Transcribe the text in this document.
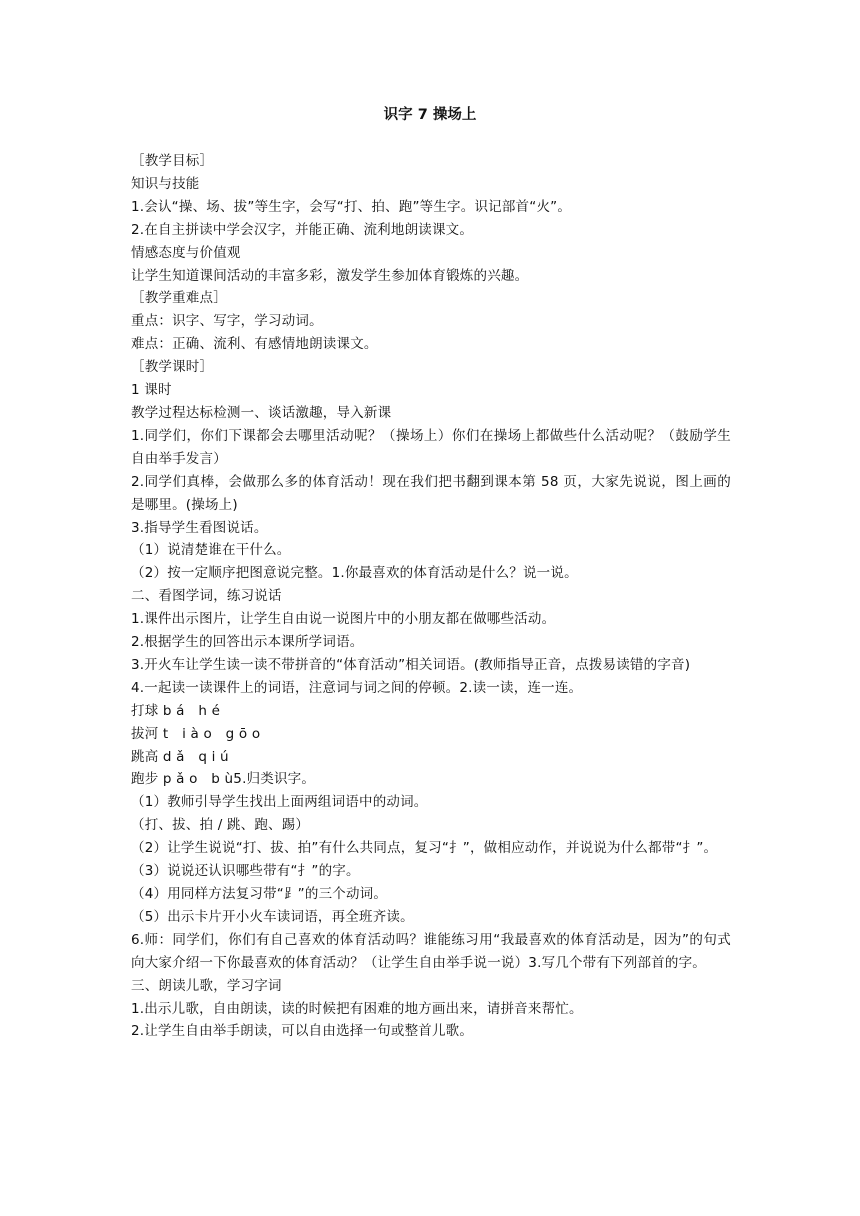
识字 7 操场上
［教学目标］
知识与技能
1.会认“操、场、拔”等生字，会写“打、拍、跑”等生字。识记部首“火”。
2.在自主拼读中学会汉字，并能正确、流利地朗读课文。
情感态度与价值观
让学生知道课间活动的丰富多彩，激发学生参加体育锻炼的兴趣。
［教学重难点］
重点：识字、写字，学习动词。
难点：正确、流利、有感情地朗读课文。
［教学课时］
1 课时
教学过程达标检测一、谈话激趣，导入新课
1.同学们，你们下课都会去哪里活动呢？（操场上）你们在操场上都做些什么活动呢？（鼓励学生自由举手发言）
2.同学们真棒，会做那么多的体育活动！现在我们把书翻到课本第 58 页，大家先说说，图上画的是哪里。(操场上)
3.指导学生看图说话。
（1）说清楚谁在干什么。
（2）按一定顺序把图意说完整。1.你最喜欢的体育活动是什么？说一说。
二、看图学词，练习说话
1.课件出示图片，让学生自由说一说图片中的小朋友都在做哪些活动。
2.根据学生的回答出示本课所学词语。
3.开火车让学生读一读不带拼音的“体育活动”相关词语。(教师指导正音，点拨易读错的字音)
4.一起读一读课件上的词语，注意词与词之间的停顿。2.读一读，连一连。
打球 b á　h é
拔河 t　i à o　g ō o
跳高 d ǎ　q i ú
跑步 p ǎ o　b ù5.归类识字。
（1）教师引导学生找出上面两组词语中的动词。
（打、拔、拍 / 跳、跑、踢）
（2）让学生说说“打、拔、拍”有什么共同点，复习“扌”，做相应动作，并说说为什么都带“扌”。
（3）说说还认识哪些带有“扌”的字。
（4）用同样方法复习带“⻊”的三个动词。
（5）出示卡片开小火车读词语，再全班齐读。
6.师：同学们，你们有自己喜欢的体育活动吗？谁能练习用“我最喜欢的体育活动是，因为”的句式向大家介绍一下你最喜欢的体育活动？（让学生自由举手说一说）3.写几个带有下列部首的字。
三、朗读儿歌，学习字词
1.出示儿歌，自由朗读，读的时候把有困难的地方画出来，请拼音来帮忙。
2.让学生自由举手朗读，可以自由选择一句或整首儿歌。
